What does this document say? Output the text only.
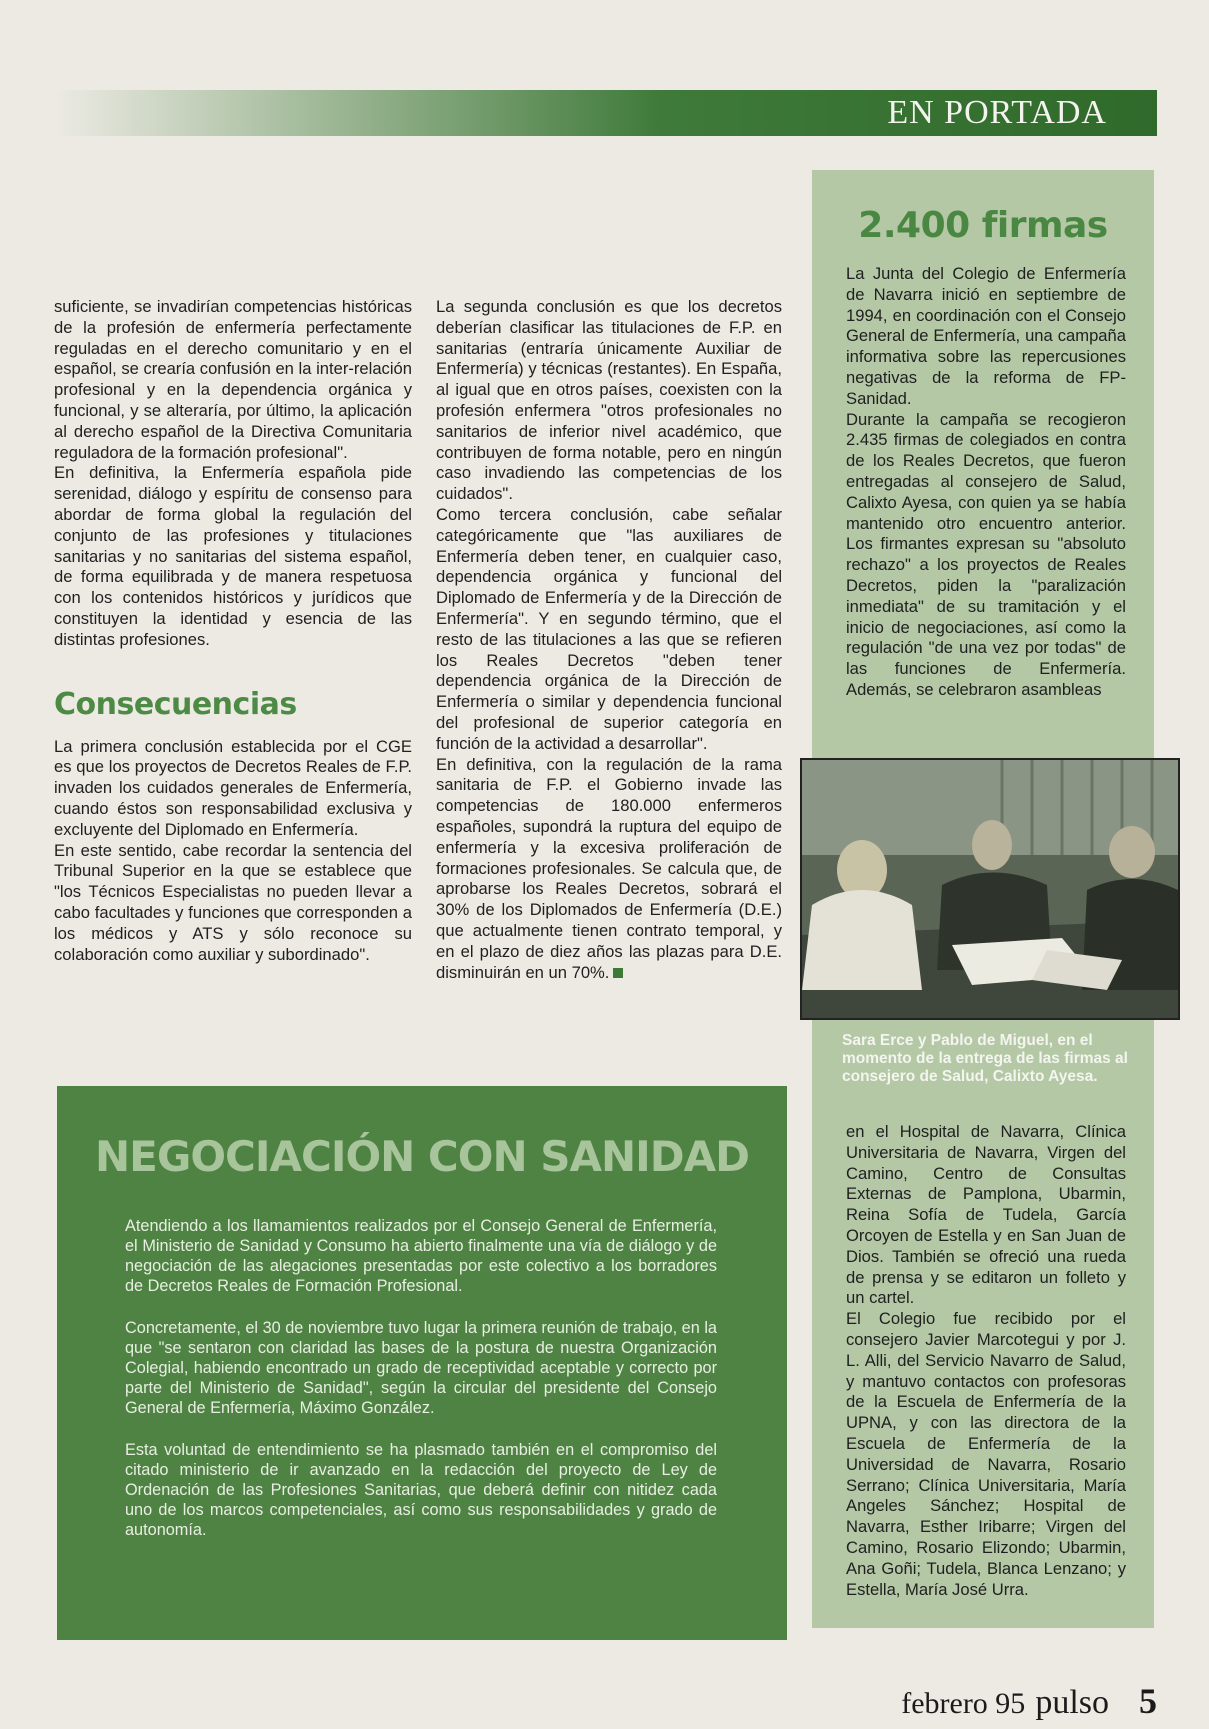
EN PORTADA

suficiente, se invadirían competencias históricas de la profesión de enfermería perfectamente reguladas en el derecho comunitario y en el español, se crearía confusión en la inter-relación profesional y en la dependencia orgánica y funcional, y se alteraría, por último, la aplicación al derecho español de la Directiva Comunitaria reguladora de la formación profesional".

En definitiva, la Enfermería española pide serenidad, diálogo y espíritu de consenso para abordar de forma global la regulación del conjunto de las profesiones y titulaciones sanitarias y no sanitarias del sistema español, de forma equilibrada y de manera respetuosa con los contenidos históricos y jurídicos que constituyen la identidad y esencia de las distintas profesiones.

Consecuencias

La primera conclusión establecida por el CGE es que los proyectos de Decretos Reales de F.P. invaden los cuidados generales de Enfermería, cuando éstos son responsabilidad exclusiva y excluyente del Diplomado en Enfermería.

En este sentido, cabe recordar la sentencia del Tribunal Superior en la que se establece que "los Técnicos Especialistas no pueden llevar a cabo facultades y funciones que corresponden a los médicos y ATS y sólo reconoce su colaboración como auxiliar y subordinado".

La segunda conclusión es que los decretos deberían clasificar las titulaciones de F.P. en sanitarias (entraría únicamente Auxiliar de Enfermería) y técnicas (restantes). En España, al igual que en otros países, coexisten con la profesión enfermera "otros profesionales no sanitarios de inferior nivel académico, que contribuyen de forma notable, pero en ningún caso invadiendo las competencias de los cuidados".

Como tercera conclusión, cabe señalar categóricamente que "las auxiliares de Enfermería deben tener, en cualquier caso, dependencia orgánica y funcional del Diplomado de Enfermería y de la Dirección de Enfermería". Y en segundo término, que el resto de las titulaciones a las que se refieren los Reales Decretos "deben tener dependencia orgánica de la Dirección de Enfermería o similar y dependencia funcional del profesional de superior categoría en función de la actividad a desarrollar".

En definitiva, con la regulación de la rama sanitaria de F.P. el Gobierno invade las competencias de 180.000 enfermeros españoles, supondrá la ruptura del equipo de enfermería y la excesiva proliferación de formaciones profesionales. Se calcula que, de aprobarse los Reales Decretos, sobrará el 30% de los Diplomados de Enfermería (D.E.) que actualmente tienen contrato temporal, y en el plazo de diez años las plazas para D.E. disminuirán en un 70%.

2.400 firmas

La Junta del Colegio de Enfermería de Navarra inició en septiembre de 1994, en coordinación con el Consejo General de Enfermería, una campaña informativa sobre las repercusiones negativas de la reforma de FP-Sanidad.

Durante la campaña se recogieron 2.435 firmas de colegiados en contra de los Reales Decretos, que fueron entregadas al consejero de Salud, Calixto Ayesa, con quien ya se había mantenido otro encuentro anterior. Los firmantes expresan su "absoluto rechazo" a los proyectos de Reales Decretos, piden la "paralización inmediata" de su tramitación y el inicio de negociaciones, así como la regulación "de una vez por todas" de las funciones de Enfermería. Además, se celebraron asambleas

Sara Erce y Pablo de Miguel, en el momento de la entrega de las firmas al consejero de Salud, Calixto Ayesa.

en el Hospital de Navarra, Clínica Universitaria de Navarra, Virgen del Camino, Centro de Consultas Externas de Pamplona, Ubarmin, Reina Sofía de Tudela, García Orcoyen de Estella y en San Juan de Dios. También se ofreció una rueda de prensa y se editaron un folleto y un cartel.

El Colegio fue recibido por el consejero Javier Marcotegui y por J. L. Alli, del Servicio Navarro de Salud, y mantuvo contactos con profesoras de la Escuela de Enfermería de la UPNA, y con las directora de la Escuela de Enfermería de la Universidad de Navarra, Rosario Serrano; Clínica Universitaria, María Angeles Sánchez; Hospital de Navarra, Esther Iribarre; Virgen del Camino, Rosario Elizondo; Ubarmin, Ana Goñi; Tudela, Blanca Lenzano; y Estella, María José Urra.

NEGOCIACIÓN CON SANIDAD

Atendiendo a los llamamientos realizados por el Consejo General de Enfermería, el Ministerio de Sanidad y Consumo ha abierto finalmente una vía de diálogo y de negociación de las alegaciones presentadas por este colectivo a los borradores de Decretos Reales de Formación Profesional.

Concretamente, el 30 de noviembre tuvo lugar la primera reunión de trabajo, en la que "se sentaron con claridad las bases de la postura de nuestra Organización Colegial, habiendo encontrado un grado de receptividad aceptable y correcto por parte del Ministerio de Sanidad", según la circular del presidente del Consejo General de Enfermería, Máximo González.

Esta voluntad de entendimiento se ha plasmado también en el compromiso del citado ministerio de ir avanzado en la redacción del proyecto de Ley de Ordenación de las Profesiones Sanitarias, que deberá definir con nitidez cada uno de los marcos competenciales, así como sus responsabilidades y grado de autonomía.

febrero 95 pulso 5
